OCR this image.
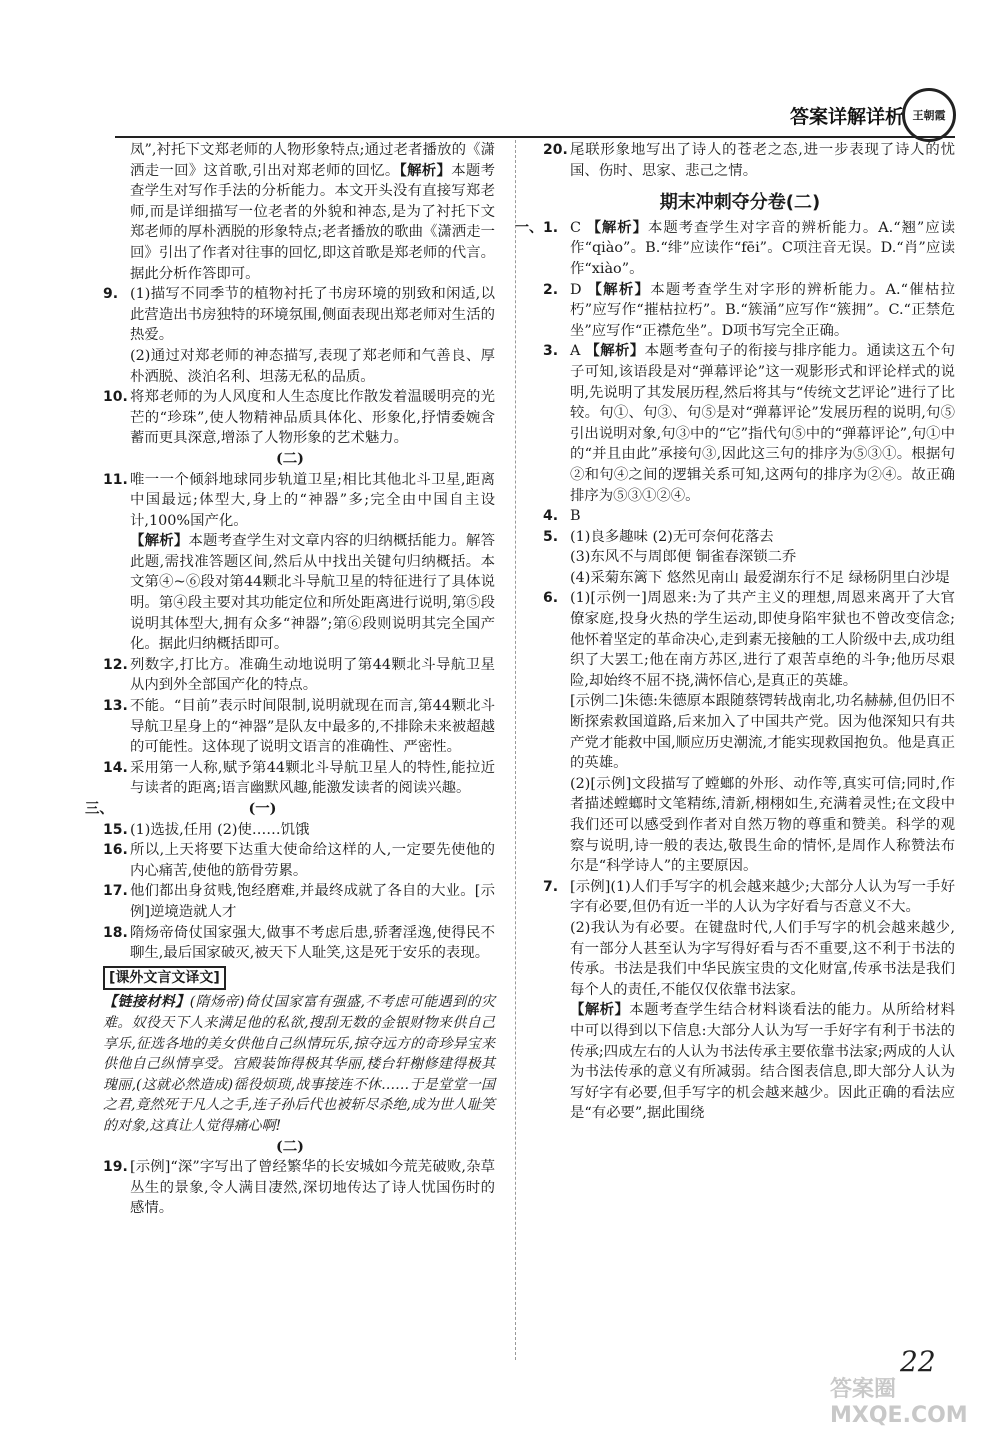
答案详解详析 王朝霞

凤”,衬托下文郑老师的人物形象特点;通过老者播放的《潇洒走一回》这首歌,引出对郑老师的回忆。【解析】本题考查学生对写作手法的分析能力。本文开头没有直接写郑老师,而是详细描写一位老者的外貌和神态,是为了衬托下文郑老师的厚朴洒脱的形象特点;老者播放的歌曲《潇洒走一回》引出了作者对往事的回忆,即这首歌是郑老师的代言。据此分析作答即可。

9. (1)描写不同季节的植物衬托了书房环境的别致和闲适,以此营造出书房独特的环境氛围,侧面表现出郑老师对生活的热爱。

(2)通过对郑老师的神态描写,表现了郑老师和气善良、厚朴洒脱、淡泊名利、坦荡无私的品质。

10. 将郑老师的为人风度和人生态度比作散发着温暖明亮的光芒的“珍珠”,使人物精神品质具体化、形象化,抒情委婉含蓄而更具深意,增添了人物形象的艺术魅力。

(二)

11. 唯一一个倾斜地球同步轨道卫星;相比其他北斗卫星,距离中国最远;体型大,身上的“神器”多;完全由中国自主设计,100%国产化。

【解析】本题考查学生对文章内容的归纳概括能力。解答此题,需找准答题区间,然后从中找出关键句归纳概括。本文第④~⑥段对第44颗北斗导航卫星的特征进行了具体说明。第④段主要对其功能定位和所处距离进行说明,第⑤段说明其体型大,拥有众多“神器”;第⑥段则说明其完全国产化。据此归纳概括即可。

12. 列数字,打比方。准确生动地说明了第44颗北斗导航卫星从内到外全部国产化的特点。

13. 不能。“目前”表示时间限制,说明就现在而言,第44颗北斗导航卫星身上的“神器”是队友中最多的,不排除未来被超越的可能性。这体现了说明文语言的准确性、严密性。

14. 采用第一人称,赋予第44颗北斗导航卫星人的特性,能拉近与读者的距离;语言幽默风趣,能激发读者的阅读兴趣。

三、	(一)

15. (1)选拔,任用 (2)使……饥饿

16. 所以,上天将要下达重大使命给这样的人,一定要先使他的内心痛苦,使他的筋骨劳累。

17. 他们都出身贫贱,饱经磨难,并最终成就了各自的大业。[示例]逆境造就人才

18. 隋炀帝倚仗国家强大,做事不考虑后患,骄奢淫逸,使得民不聊生,最后国家破灭,被天下人耻笑,这是死于安乐的表现。

[课外文言文译文]

【链接材料】(隋炀帝)倚仗国家富有强盛,不考虑可能遇到的灾难。奴役天下人来满足他的私欲,搜刮无数的金银财物来供自己享乐,征选各地的美女供他自己纵情玩乐,掠夺远方的奇珍异宝来供他自己纵情享受。宫殿装饰得极其华丽,楼台轩榭修建得极其瑰丽,(这就必然造成)徭役烦琐,战事接连不休……于是堂堂一国之君,竟然死于凡人之手,连子孙后代也被斩尽杀绝,成为世人耻笑的对象,这真让人觉得痛心啊!

(二)

19. [示例]“深”字写出了曾经繁华的长安城如今荒芜破败,杂草丛生的景象,令人满目凄然,深切地传达了诗人忧国伤时的感情。

20. 尾联形象地写出了诗人的苍老之态,进一步表现了诗人的忧国、伤时、思家、悲己之情。

期末冲刺夺分卷(二)

一、 1. C 【解析】本题考查学生对字音的辨析能力。A.“翘”应读作“qiào”。B.“绯”应读作“fēi”。C项注音无误。D.“肖”应读作“xiào”。

2. D 【解析】本题考查学生对字形的辨析能力。A.“催枯拉朽”应写作“摧枯拉朽”。B.“簇涌”应写作“簇拥”。C.“正禁危坐”应写作“正襟危坐”。D项书写完全正确。

3. A 【解析】本题考查句子的衔接与排序能力。通读这五个句子可知,该语段是对“弹幕评论”这一观影形式和评论样式的说明,先说明了其发展历程,然后将其与“传统文艺评论”进行了比较。句①、句③、句⑤是对“弹幕评论”发展历程的说明,句⑤引出说明对象,句③中的“它”指代句⑤中的“弹幕评论”,句①中的“并且由此”承接句③,因此这三句的排序为⑤③①。根据句②和句④之间的逻辑关系可知,这两句的排序为②④。故正确排序为⑤③①②④。

4. B

5. (1)良多趣味 (2)无可奈何花落去

(3)东风不与周郎便 铜雀春深锁二乔

(4)采菊东篱下 悠然见南山 最爱湖东行不足 绿杨阴里白沙堤

6. (1)[示例一]周恩来:为了共产主义的理想,周恩来离开了大官僚家庭,投身火热的学生运动,即使身陷牢狱也不曾改变信念;他怀着坚定的革命决心,走到素无接触的工人阶级中去,成功组织了大罢工;他在南方苏区,进行了艰苦卓绝的斗争;他历尽艰险,却始终不屈不挠,满怀信心,是真正的英雄。

[示例二]朱德:朱德原本跟随蔡锷转战南北,功名赫赫,但仍旧不断探索救国道路,后来加入了中国共产党。因为他深知只有共产党才能救中国,顺应历史潮流,才能实现救国抱负。他是真正的英雄。

(2)[示例]文段描写了螳螂的外形、动作等,真实可信;同时,作者描述螳螂时文笔精练,清新,栩栩如生,充满着灵性;在文段中我们还可以感受到作者对自然万物的尊重和赞美。科学的观察与说明,诗一般的表达,敬畏生命的情怀,是周作人称赞法布尔是“科学诗人”的主要原因。

7. [示例](1)人们手写字的机会越来越少;大部分人认为写一手好字有必要,但仍有近一半的人认为字好看与否意义不大。

(2)我认为有必要。在键盘时代,人们手写字的机会越来越少,有一部分人甚至认为字写得好看与否不重要,这不利于书法的传承。书法是我们中华民族宝贵的文化财富,传承书法是我们每个人的责任,不能仅仅依靠书法家。

【解析】本题考查学生结合材料谈看法的能力。从所给材料中可以得到以下信息:大部分人认为写一手好字有利于书法的传承;四成左右的人认为书法传承主要依靠书法家;两成的人认为书法传承的意义有所减弱。结合图表信息,即大部分人认为写好字有必要,但手写字的机会越来越少。因此正确的看法应是“有必要”,据此围绕

22
答案圈 MXQE.COM
